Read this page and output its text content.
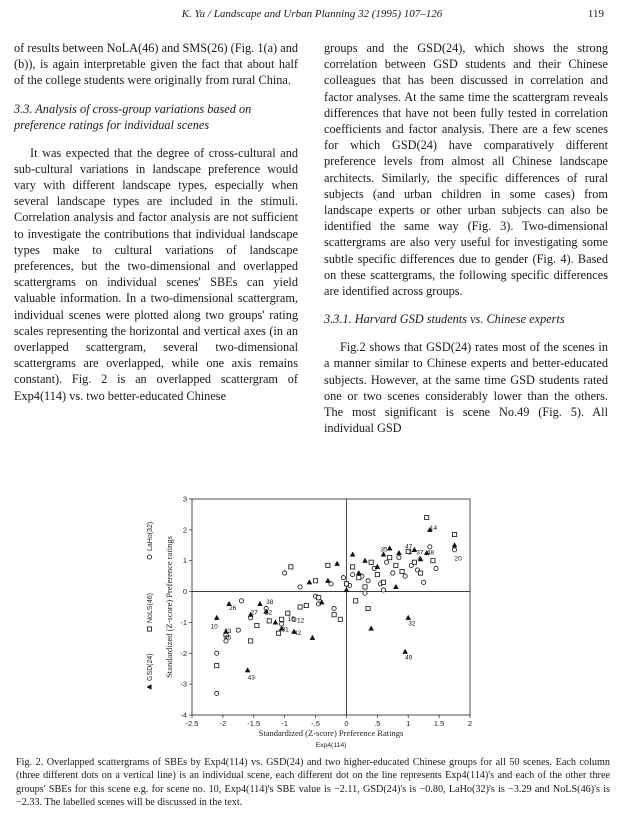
K. Yu / Landscape and Urban Planning 32 (1995) 107–126	119

of results between NoLA(46) and SMS(26) (Fig. 1(a) and (b)), is again interpretable given the fact that about half of the college students were originally from rural China.

3.3. Analysis of cross-group variations based on preference ratings for individual scenes

It was expected that the degree of cross-cultural and sub-cultural variations in landscape preference would vary with different landscape types, especially when several landscape types are included in the stimuli. Correlation analysis and factor analysis are not sufficient to investigate the contributions that individual landscape types make to cultural variations of landscape preferences, but the two-dimensional and overlapped scattergrams on individual scenes' SBEs can yield valuable information. In a two-dimensional scattergram, individual scenes were plotted along two groups' rating scales representing the horizontal and vertical axes (in an overlapped scattergram, several two-dimensional scattergrams are overlapped, while one axis remains constant). Fig. 2 is an overlapped scattergram of Exp4(114) vs. two better-educated Chinese

groups and the GSD(24), which shows the strong correlation between GSD students and their Chinese colleagues that has been discussed in correlation and factor analyses. At the same time the scattergram reveals differences that have not been fully tested in correlation coefficients and factor analysis. There are a few scenes for which GSD(24) have comparatively different preference levels from almost all Chinese landscape architects. Similarly, the specific differences of rural subjects (and urban children in some cases) from landscape experts or other urban subjects can also be identified the same way (Fig. 3). Two-dimensional scattergrams are also very useful for investigating some subtle specific differences due to gender (Fig. 4). Based on these scattergrams, the following specific differences are identified across groups.

3.3.1. Harvard GSD students vs. Chinese experts

Fig.2 shows that GSD(24) rates most of the scenes in a manner similar to Chinese experts and better-educated subjects. However, at the same time GSD students rated one or two scenes considerably lower than the others. The most significant is scene No.49 (Fig. 5). All individual GSD

-2.5	-2	-1.5	-1	-.5	0	.5	1	1.5	2
3
2
1
0
-1
-2
-3
-4
Standardized (Z-score) Preference Ratings
Exp4(114)
Standardized (Z-score) Preference ratings
LaHo(32)
NoLS(46)
GSD(24)
14
20
35	47
3 37 48
4
15 12
26
38
27 22
10
33
45
31 42
32
49
43
Fig. 2. Overlapped scattergrams of SBEs by Exp4(114) vs. GSD(24) and two higher-educated Chinese groups for all 50 scenes. Each column (three different dots on a vertical line) is an individual scene, each different dot on the line represents Exp4(114)'s and each of the other three groups' SBEs for this scene e.g. for scene no. 10, Exp4(114)'s SBE value is −2.11, GSD(24)'s is −0.80, LaHo(32)'s is −3.29 and NoLS(46)'s is −2.33. The labelled scenes will be discussed in the text.
